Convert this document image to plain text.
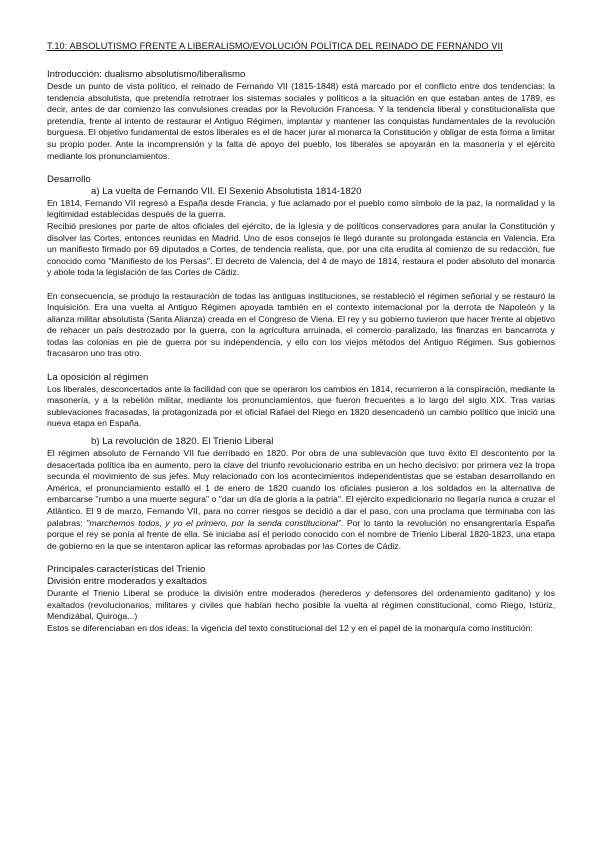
T.10: ABSOLUTISMO FRENTE A LIBERALISMO/EVOLUCIÓN POLÍTICA DEL REINADO DE FERNANDO VII
Introducción: dualismo absolutismo/liberalismo
Desde un punto de vista político, el reinado de Fernando VII (1815-1848) está marcado por el conflicto entre dos tendencias: la tendencia absolutista, que pretendía retrotraer los sistemas sociales y políticos a la situación en que estaban antes de 1789, es decir, antes de dar comienzo las convulsiones creadas por la Revolución Francesa. Y la tendencia liberal y constitucionalista que pretendía, frente al intento de restaurar el Antiguo Régimen, implantar y mantener las conquistas fundamentales de la revolución burguesa. El objetivo fundamental de estos liberales es el de hacer jurar al monarca la Constitución y obligar de esta forma a limitar su propio poder. Ante la incomprensión y la falta de apoyo del pueblo, los liberales se apoyarán en la masonería y el ejército mediante los pronunciamientos.
Desarrollo
a) La vuelta de Fernando VII. El Sexenio Absolutista 1814-1820
En 1814, Fernando VII regresó a España desde Francia, y fue aclamado por el pueblo como símbolo de la paz, la normalidad y la legitimidad establecidas después de la guerra.
Recibió presiones por parte de altos oficiales del ejército, de la Iglesia y de políticos conservadores para anular la Constitución y disolver las Cortes, entonces reunidas en Madrid. Uno de esos consejos le llegó durante su prolongada estancia en Valencia. Era un manifiesto firmado por 69 diputados a Cortes, de tendencia realista, que, por una cita erudita al comienzo de su redacción, fue conocido como "Manifiesto de los Persas". El decreto de Valencia, del 4 de mayo de 1814, restaura el poder absoluto del monarca y abole toda la legislación de las Cortes de Cádiz.
En consecuencia, se produjo la restauración de todas las antiguas instituciones, se restableció el régimen señorial y se restauró la Inquisición. Era una vuelta al Antiguo Régimen apoyada también en el contexto internacional por la derrota de Napoleón y la alianza militar absolutista (Santa Alianza) creada en el Congreso de Viena. El rey y su gobierno tuvieron que hacer frente al objetivo de rehacer un país destrozado por la guerra, con la agricultura arruinada, el comercio paralizado, las finanzas en bancarrota y todas las colonias en pie de guerra por su independencia, y ello con los viejos métodos del Antiguo Régimen. Sus gobiernos fracasaron uno tras otro.
La oposición al régimen
Los liberales, desconcertados ante la facilidad con que se operaron los cambios en 1814, recurrieron a la conspiración, mediante la masonería, y a la rebelión militar, mediante los pronunciamientos, que fueron frecuentes a lo largo del siglo XIX. Tras varias sublevaciones fracasadas, la protagonizada por el oficial Rafael del Riego en 1820 desencadenó un cambio político que inició una nueva etapa en España.
b) La revolución de 1820. El Trienio Liberal
El régimen absoluto de Fernando VII fue derribado en 1820. Por obra de una sublevación que tuvo éxito El descontento por la desacertada política iba en aumento, pero la clave del triunfo revolucionario estriba en un hecho decisivo: por primera vez la tropa secunda el movimiento de sus jefes. Muy relacionado con los acontecimientos independentistas que se estaban desarrollando en América, el pronunciamiento estalló el 1 de enero de 1820 cuando los oficiales pusieron a los soldados en la alternativa de embarcarse "rumbo a una muerte segura" o "dar un día de gloria a la patria". El ejército expedicionario no llegaría nunca a cruzar el Atlántico. El 9 de marzo, Fernando VII, para no correr riesgos se decidió a dar el paso, con una proclama que terminaba con las palabras: "marchemos todos, y yo el primero, por la senda constitucional". Por lo tanto la revolución no ensangrentaría España porque el rey se ponía al frente de ella. Se iniciaba así el periodo conocido con el nombre de Trienio Liberal 1820-1823, una etapa de gobierno en la que se intentaron aplicar las reformas aprobadas por las Cortes de Cádiz.
Principales características del Trienio
División entre moderados y exaltados
Durante el Trienio Liberal se produce la división entre moderados (herederos y defensores del ordenamiento gaditano) y los exaltados (revolucionarios, militares y civiles que habían hecho posible la vuelta al régimen constitucional, como Riego, Istúriz, Mendizábal, Quiroga...)
Estos se diferenciaban en dos ideas: la vigencia del texto constitucional del 12 y en el papel de la monarquía como institución:
